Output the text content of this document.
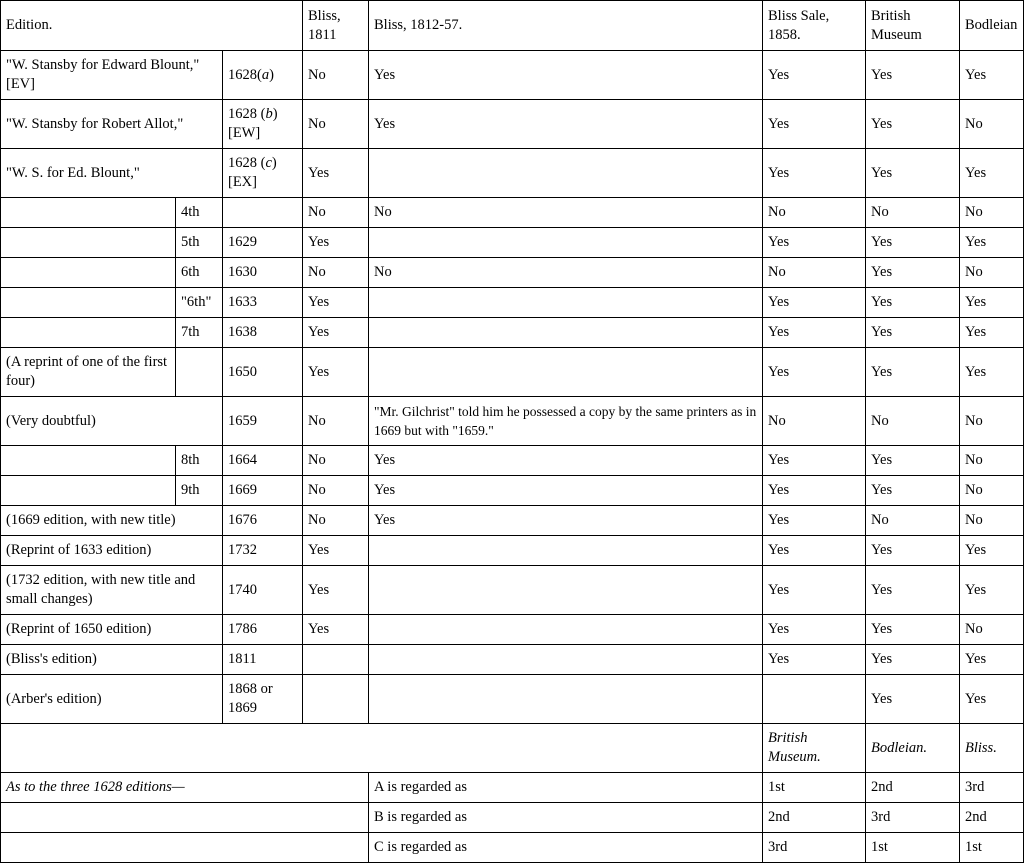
Edition.			Bliss, 1811	Bliss, 1812-57.	Bliss Sale, 1858.	British Museum	Bodleian
"W. Stansby for Edward Blount,"[EV]		1628(a)	No	Yes	Yes	Yes	Yes
"W. Stansby for Robert Allot,"		1628 (b) [EW]	No	Yes	Yes	Yes	No
"W. S. for Ed. Blount,"		1628 (c) [EX]	Yes		Yes	Yes	Yes
	4th		No	No	No	No	No
	5th	1629	Yes		Yes	Yes	Yes
	6th	1630	No	No	No	Yes	No
	"6th"	1633	Yes		Yes	Yes	Yes
	7th	1638	Yes		Yes	Yes	Yes
(A reprint of one of the first four)		1650	Yes		Yes	Yes	Yes
(Very doubtful)		1659	No	"Mr. Gilchrist" told him he possessed a copy by the same printers as in 1669 but with "1659."	No	No	No
	8th	1664	No	Yes	Yes	Yes	No
	9th	1669	No	Yes	Yes	Yes	No
(1669 edition, with new title)		1676	No	Yes	Yes	No	No
(Reprint of 1633 edition)		1732	Yes		Yes	Yes	Yes
(1732 edition, with new title and small changes)		1740	Yes		Yes	Yes	Yes
(Reprint of 1650 edition)		1786	Yes		Yes	Yes	No
(Bliss's edition)		1811			Yes	Yes	Yes
(Arber's edition)		1868 or 1869				Yes	Yes
					British Museum.	Bodleian.	Bliss.
As to the three 1628 editions—				A is regarded as	1st	2nd	3rd
				B is regarded as	2nd	3rd	2nd
				C is regarded as	3rd	1st	1st
